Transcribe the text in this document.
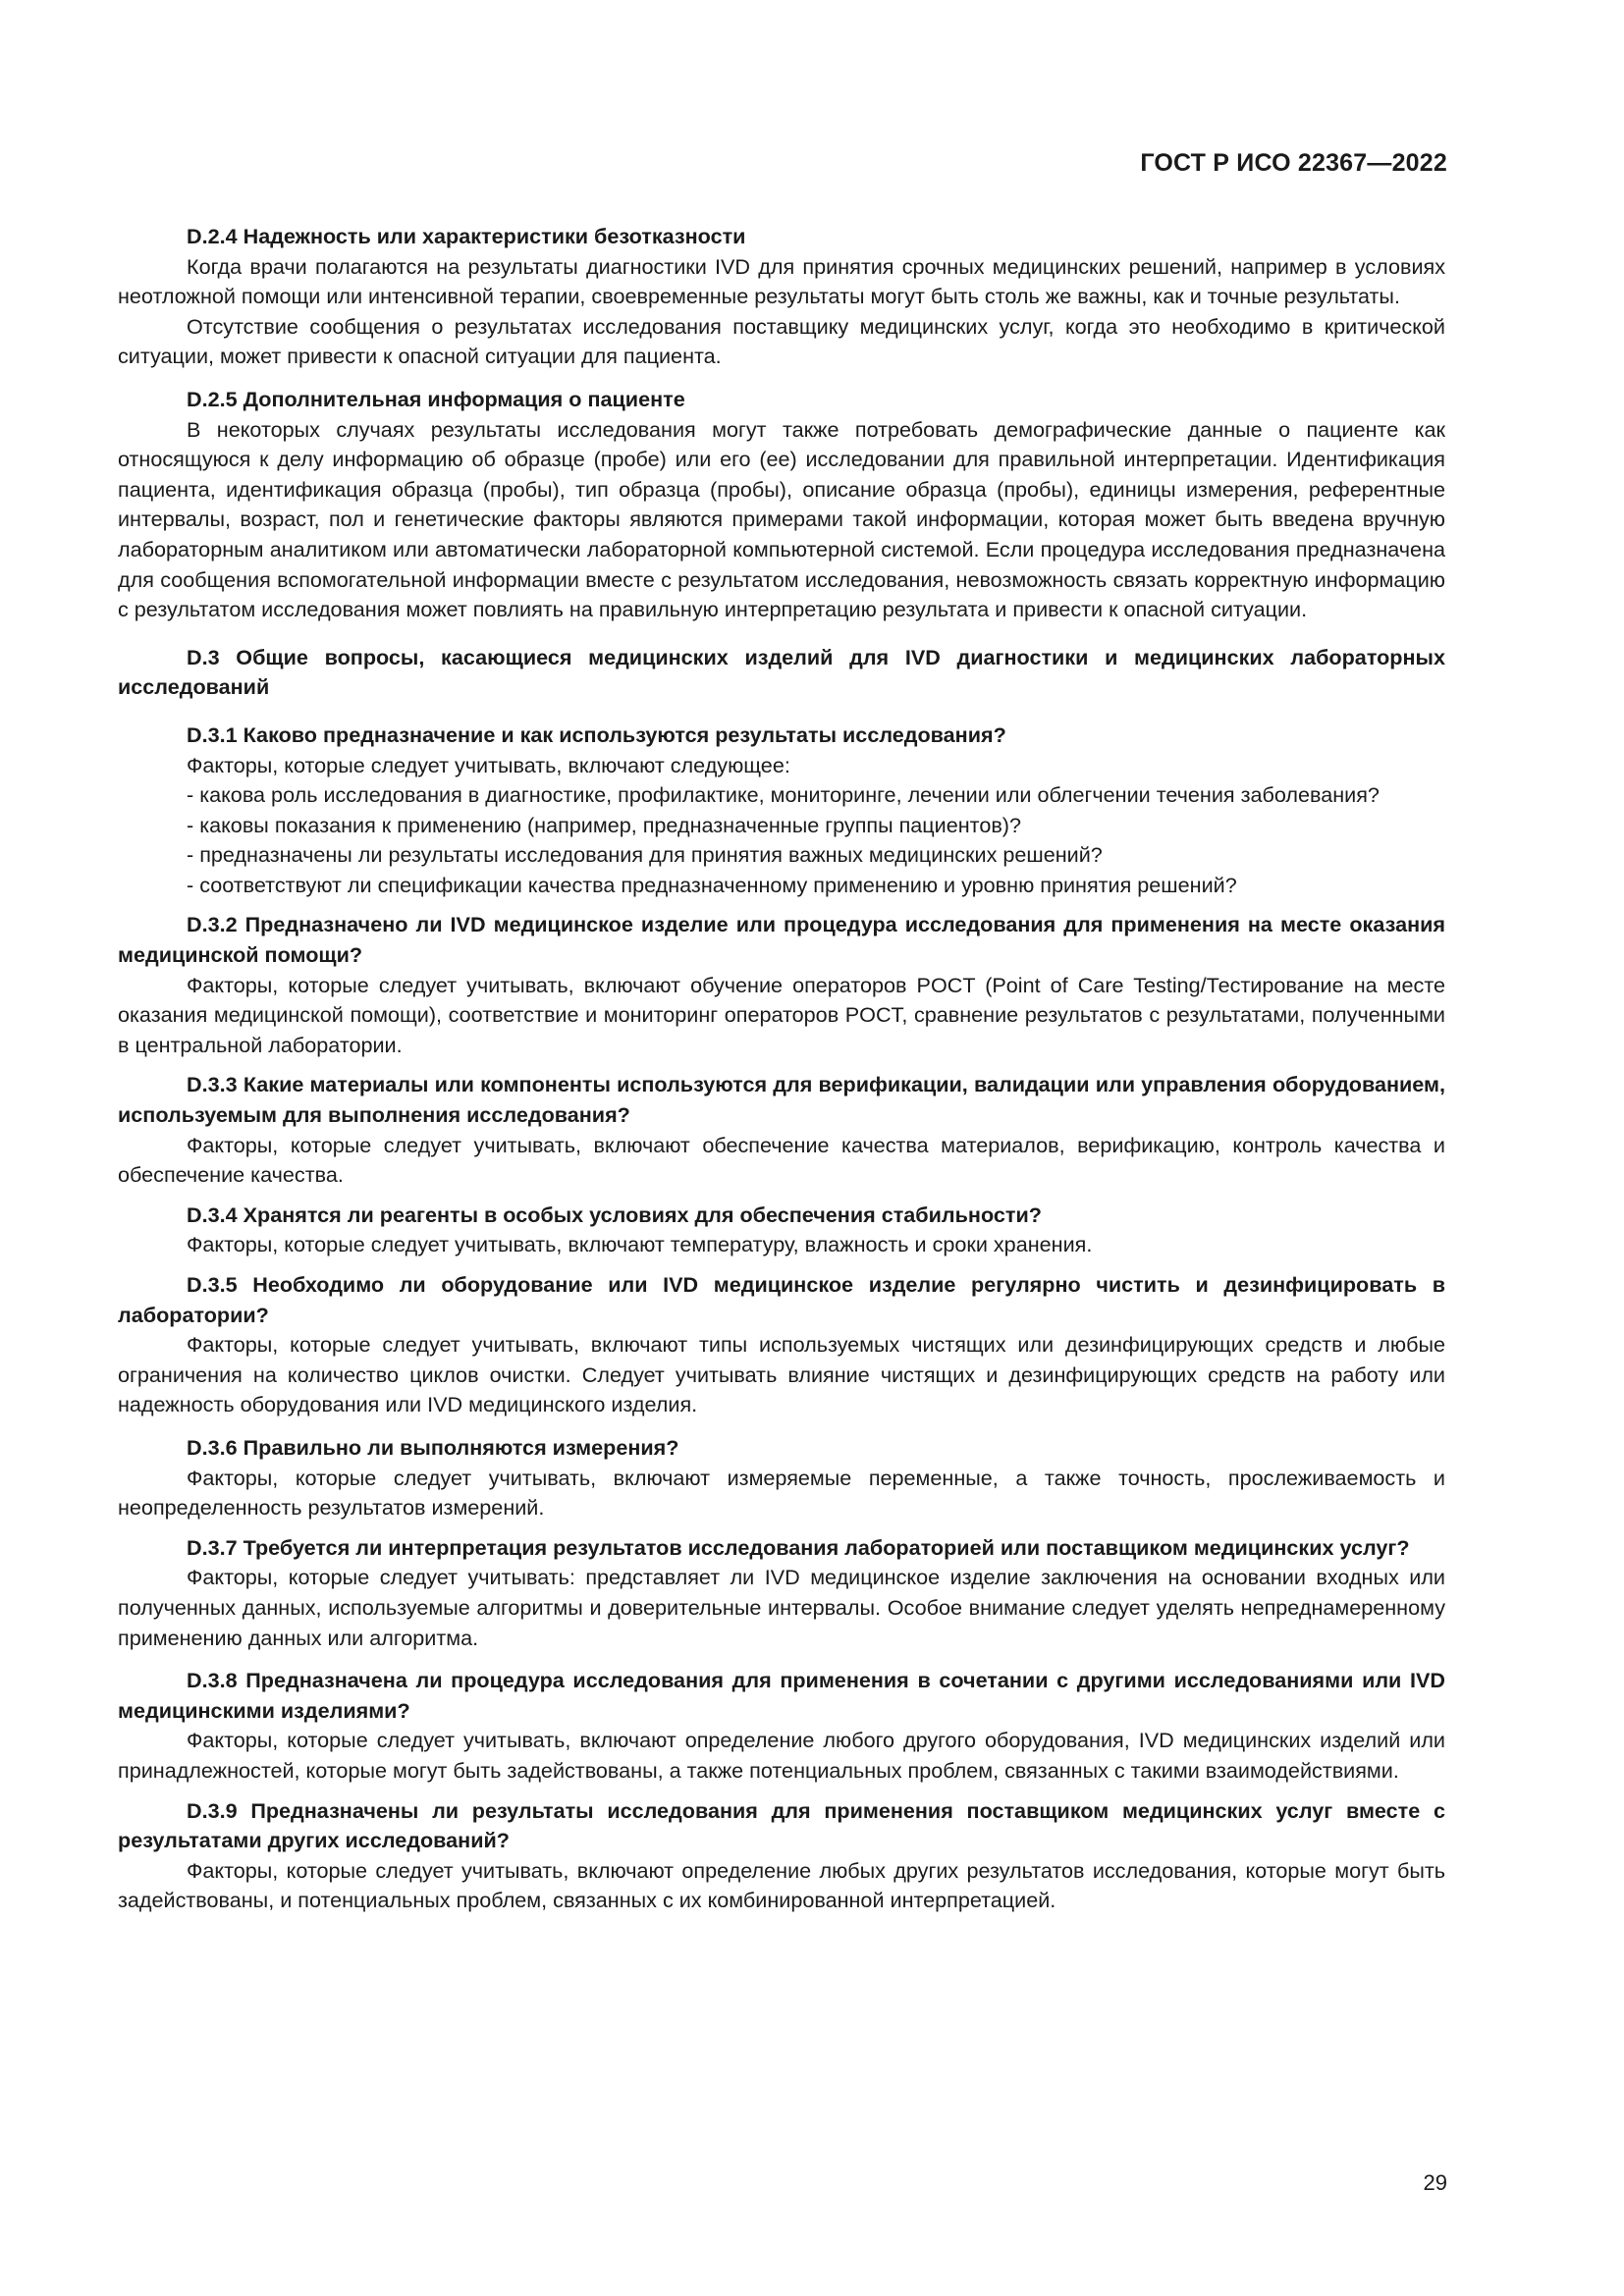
ГОСТ Р ИСО 22367—2022

D.2.4 Надежность или характеристики безотказности

Когда врачи полагаются на результаты диагностики IVD для принятия срочных медицинских решений, например в условиях неотложной помощи или интенсивной терапии, своевременные результаты могут быть столь же важны, как и точные результаты.

Отсутствие сообщения о результатах исследования поставщику медицинских услуг, когда это необходимо в критической ситуации, может привести к опасной ситуации для пациента.

D.2.5 Дополнительная информация о пациенте

В некоторых случаях результаты исследования могут также потребовать демографические данные о пациенте как относящуюся к делу информацию об образце (пробе) или его (ее) исследовании для правильной интерпретации. Идентификация пациента, идентификация образца (пробы), тип образца (пробы), описание образца (пробы), единицы измерения, референтные интервалы, возраст, пол и генетические факторы являются примерами такой информации, которая может быть введена вручную лабораторным аналитиком или автоматически лабораторной компьютерной системой. Если процедура исследования предназначена для сообщения вспомогательной информации вместе с результатом исследования, невозможность связать корректную информацию с результатом исследования может повлиять на правильную интерпретацию результата и привести к опасной ситуации.

D.3 Общие вопросы, касающиеся медицинских изделий для IVD диагностики и медицинских лабораторных исследований

D.3.1 Каково предназначение и как используются результаты исследования?

Факторы, которые следует учитывать, включают следующее:

- какова роль исследования в диагностике, профилактике, мониторинге, лечении или облегчении течения заболевания?

- каковы показания к применению (например, предназначенные группы пациентов)?

- предназначены ли результаты исследования для принятия важных медицинских решений?

- соответствуют ли спецификации качества предназначенному применению и уровню принятия решений?

D.3.2 Предназначено ли IVD медицинское изделие или процедура исследования для применения на месте оказания медицинской помощи?

Факторы, которые следует учитывать, включают обучение операторов POCT (Point of Care Testing/Тестирование на месте оказания медицинской помощи), соответствие и мониторинг операторов POCT, сравнение результатов с результатами, полученными в центральной лаборатории.

D.3.3 Какие материалы или компоненты используются для верификации, валидации или управления оборудованием, используемым для выполнения исследования?

Факторы, которые следует учитывать, включают обеспечение качества материалов, верификацию, контроль качества и обеспечение качества.

D.3.4 Хранятся ли реагенты в особых условиях для обеспечения стабильности?

Факторы, которые следует учитывать, включают температуру, влажность и сроки хранения.

D.3.5 Необходимо ли оборудование или IVD медицинское изделие регулярно чистить и дезинфицировать в лаборатории?

Факторы, которые следует учитывать, включают типы используемых чистящих или дезинфицирующих средств и любые ограничения на количество циклов очистки. Следует учитывать влияние чистящих и дезинфицирующих средств на работу или надежность оборудования или IVD медицинского изделия.

D.3.6 Правильно ли выполняются измерения?

Факторы, которые следует учитывать, включают измеряемые переменные, а также точность, прослеживаемость и неопределенность результатов измерений.

D.3.7 Требуется ли интерпретация результатов исследования лабораторией или поставщиком медицинских услуг?

Факторы, которые следует учитывать: представляет ли IVD медицинское изделие заключения на основании входных или полученных данных, используемые алгоритмы и доверительные интервалы. Особое внимание следует уделять непреднамеренному применению данных или алгоритма.

D.3.8 Предназначена ли процедура исследования для применения в сочетании с другими исследованиями или IVD медицинскими изделиями?

Факторы, которые следует учитывать, включают определение любого другого оборудования, IVD медицинских изделий или принадлежностей, которые могут быть задействованы, а также потенциальных проблем, связанных с такими взаимодействиями.

D.3.9 Предназначены ли результаты исследования для применения поставщиком медицинских услуг вместе с результатами других исследований?

Факторы, которые следует учитывать, включают определение любых других результатов исследования, которые могут быть задействованы, и потенциальных проблем, связанных с их комбинированной интерпретацией.

29
